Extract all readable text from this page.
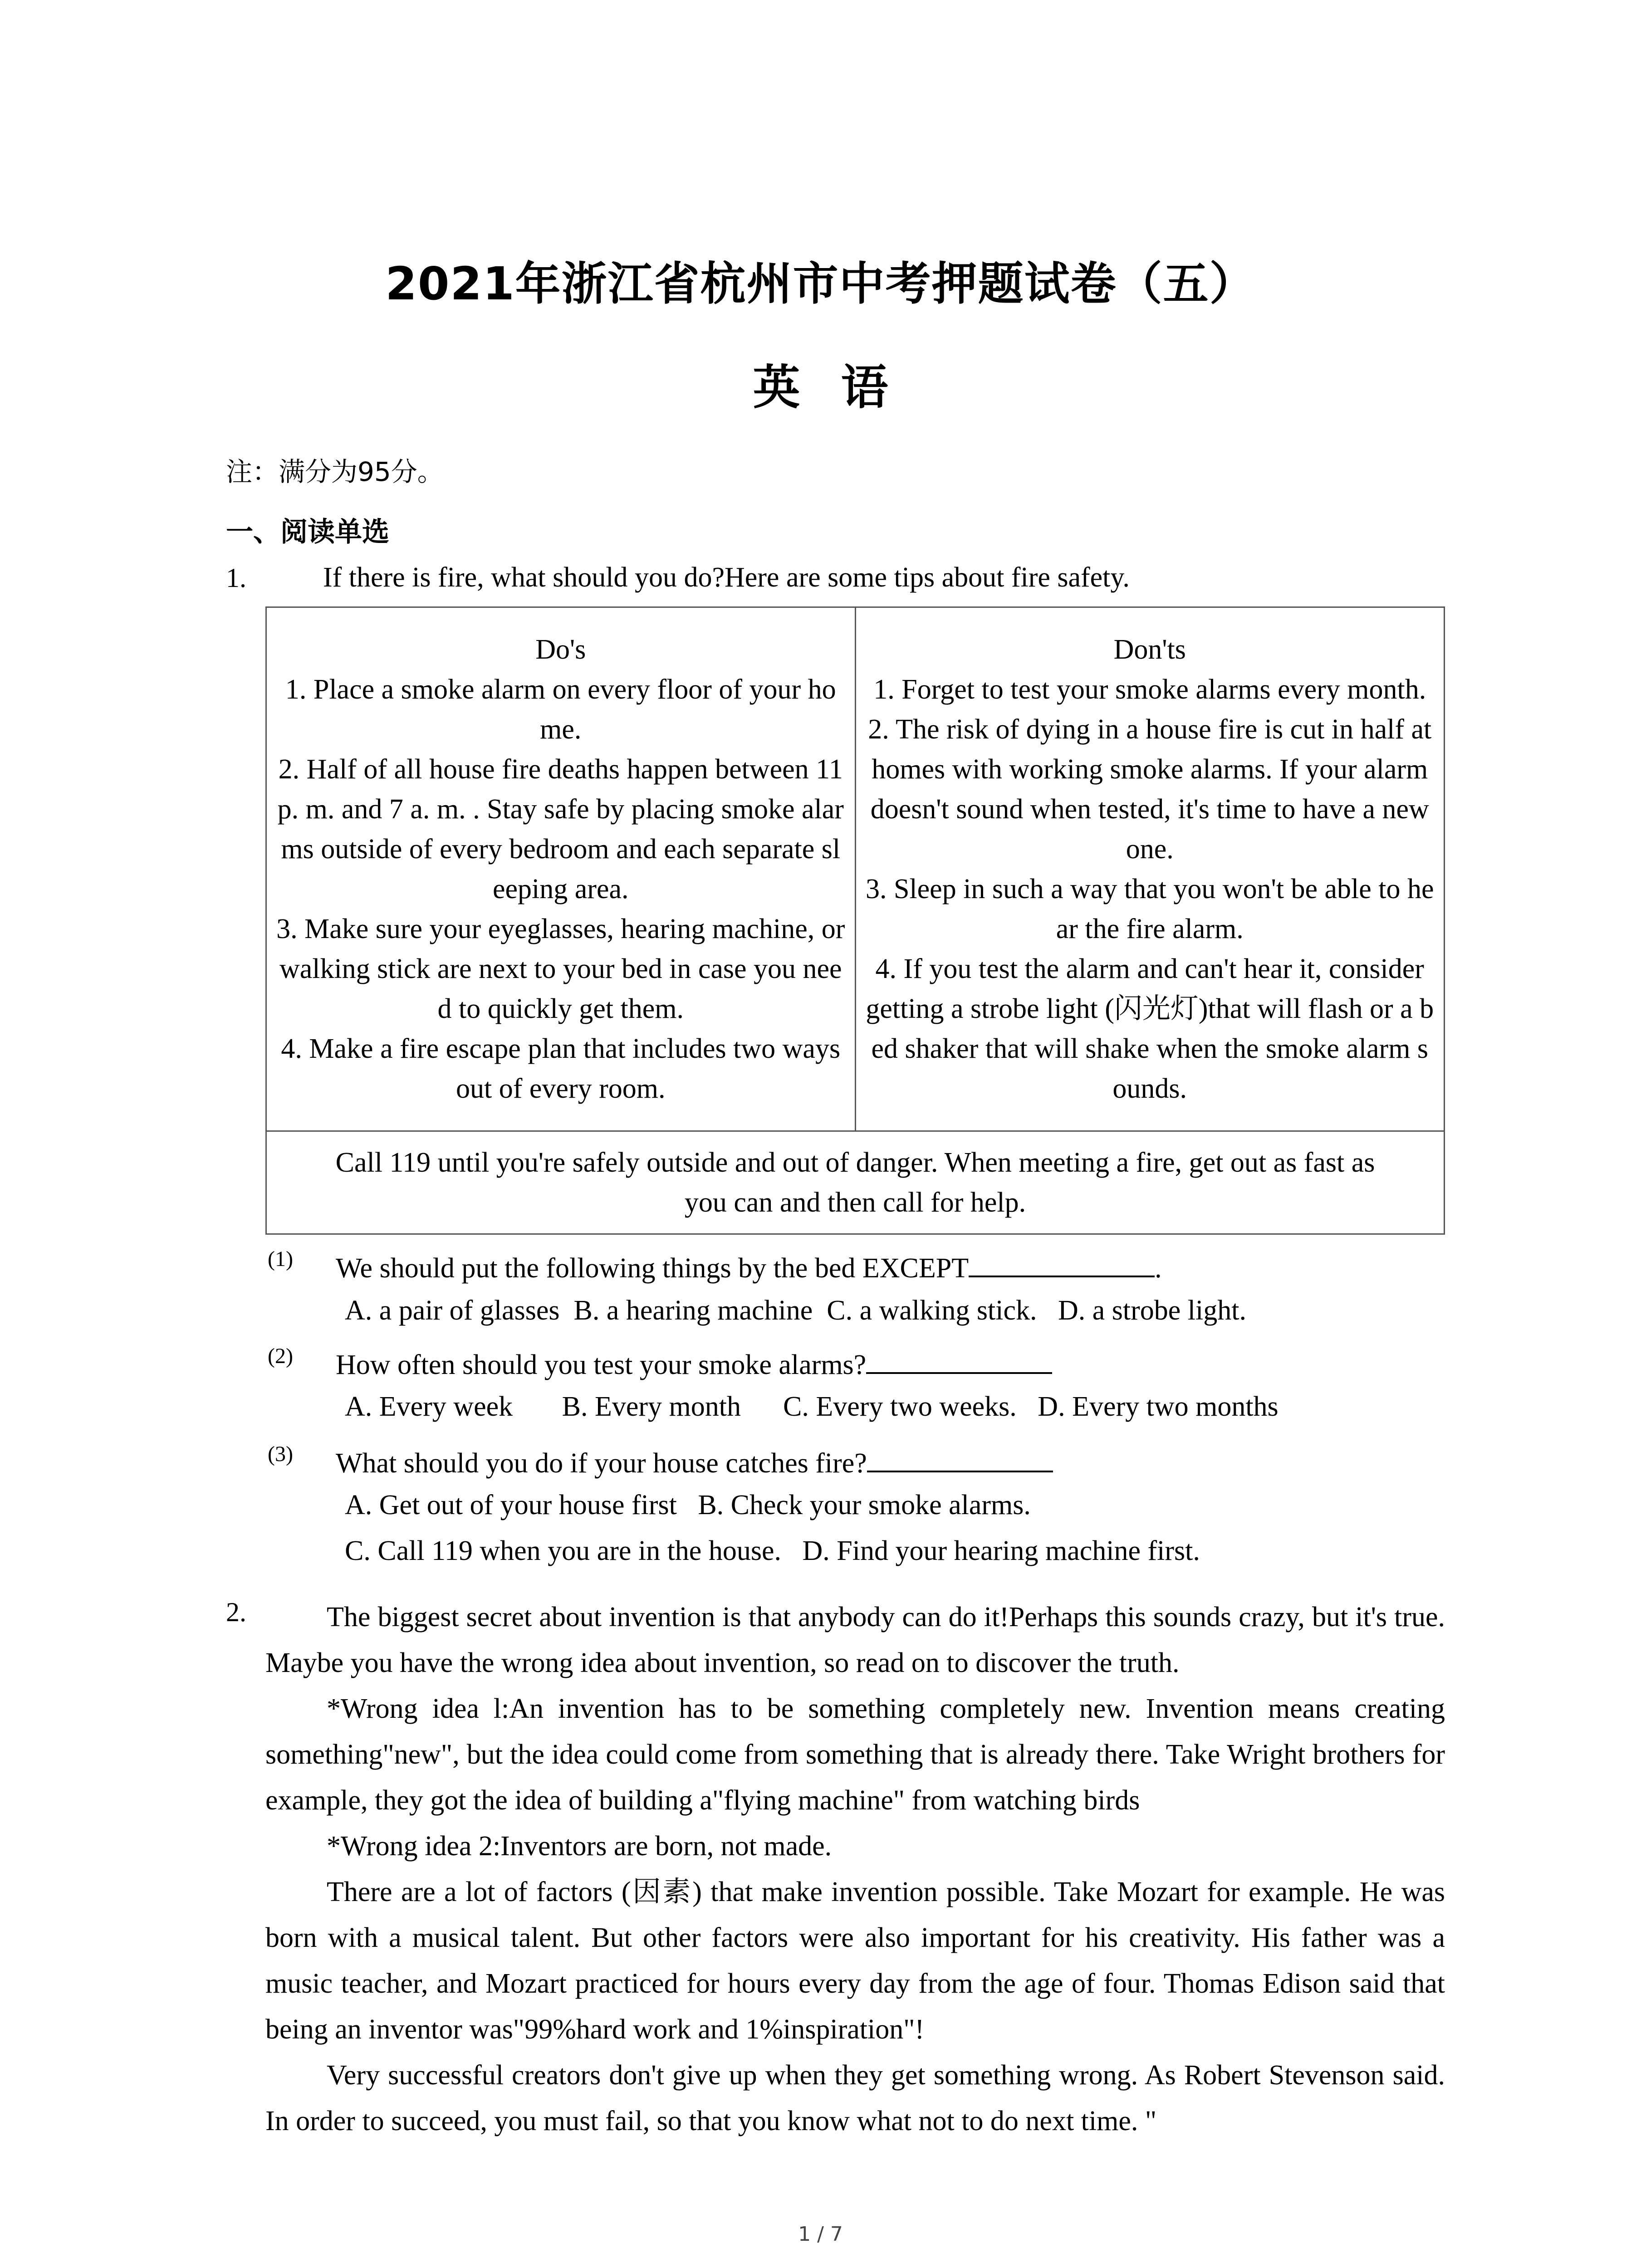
2021年浙江省杭州市中考押题试卷（五）
英语
注：满分为95分。
一、阅读单选
1.	If there is fire, what should you do?Here are some tips about fire safety.
Do's
1. Place a smoke alarm on every floor of your home.
2. Half of all house fire deaths happen between 11 p. m. and 7 a. m. . Stay safe by placing smoke alarms outside of every bedroom and each separate sleeping area.
3. Make sure your eyeglasses, hearing machine, or walking stick are next to your bed in case you need to quickly get them.
4. Make a fire escape plan that includes two ways out of every room.

Don'ts
1. Forget to test your smoke alarms every month.
2. The risk of dying in a house fire is cut in half at homes with working smoke alarms. If your alarm doesn't sound when tested, it's time to have a new one.
3. Sleep in such a way that you won't be able to hear the fire alarm.
4. If you test the alarm and can't hear it, consider getting a strobe light (闪光灯)that will flash or a bed shaker that will shake when the smoke alarm sounds.

Call 119 until you're safely outside and out of danger. When meeting a fire, get out as fast as you can and then call for help.
(1) We should put the following things by the bed EXCEPT	.
A. a pair of glasses  B. a hearing machine  C. a walking stick.   D. a strobe light.
(2) How often should you test your smoke alarms?
A. Every week       B. Every month      C. Every two weeks.   D. Every two months
(3) What should you do if your house catches fire?
A. Get out of your house first   B. Check your smoke alarms.
C. Call 119 when you are in the house.   D. Find your hearing machine first.
2.	The biggest secret about invention is that anybody can do it!Perhaps this sounds crazy, but it's true. Maybe you have the wrong idea about invention, so read on to discover the truth.

*Wrong idea l:An invention has to be something completely new. Invention means creating something"new", but the idea could come from something that is already there. Take Wright brothers for example, they got the idea of building a"flying machine" from watching birds

*Wrong idea 2:Inventors are born, not made.

There are a lot of factors (因素) that make invention possible. Take Mozart for example. He was born with a musical talent. But other factors were also important for his creativity. His father was a music teacher, and Mozart practiced for hours every day from the age of four. Thomas Edison said that being an inventor was"99%hard work and 1%inspiration"!

Very successful creators don't give up when they get something wrong. As Robert Stevenson said. In order to succeed, you must fail, so that you know what not to do next time. "

1 / 7
